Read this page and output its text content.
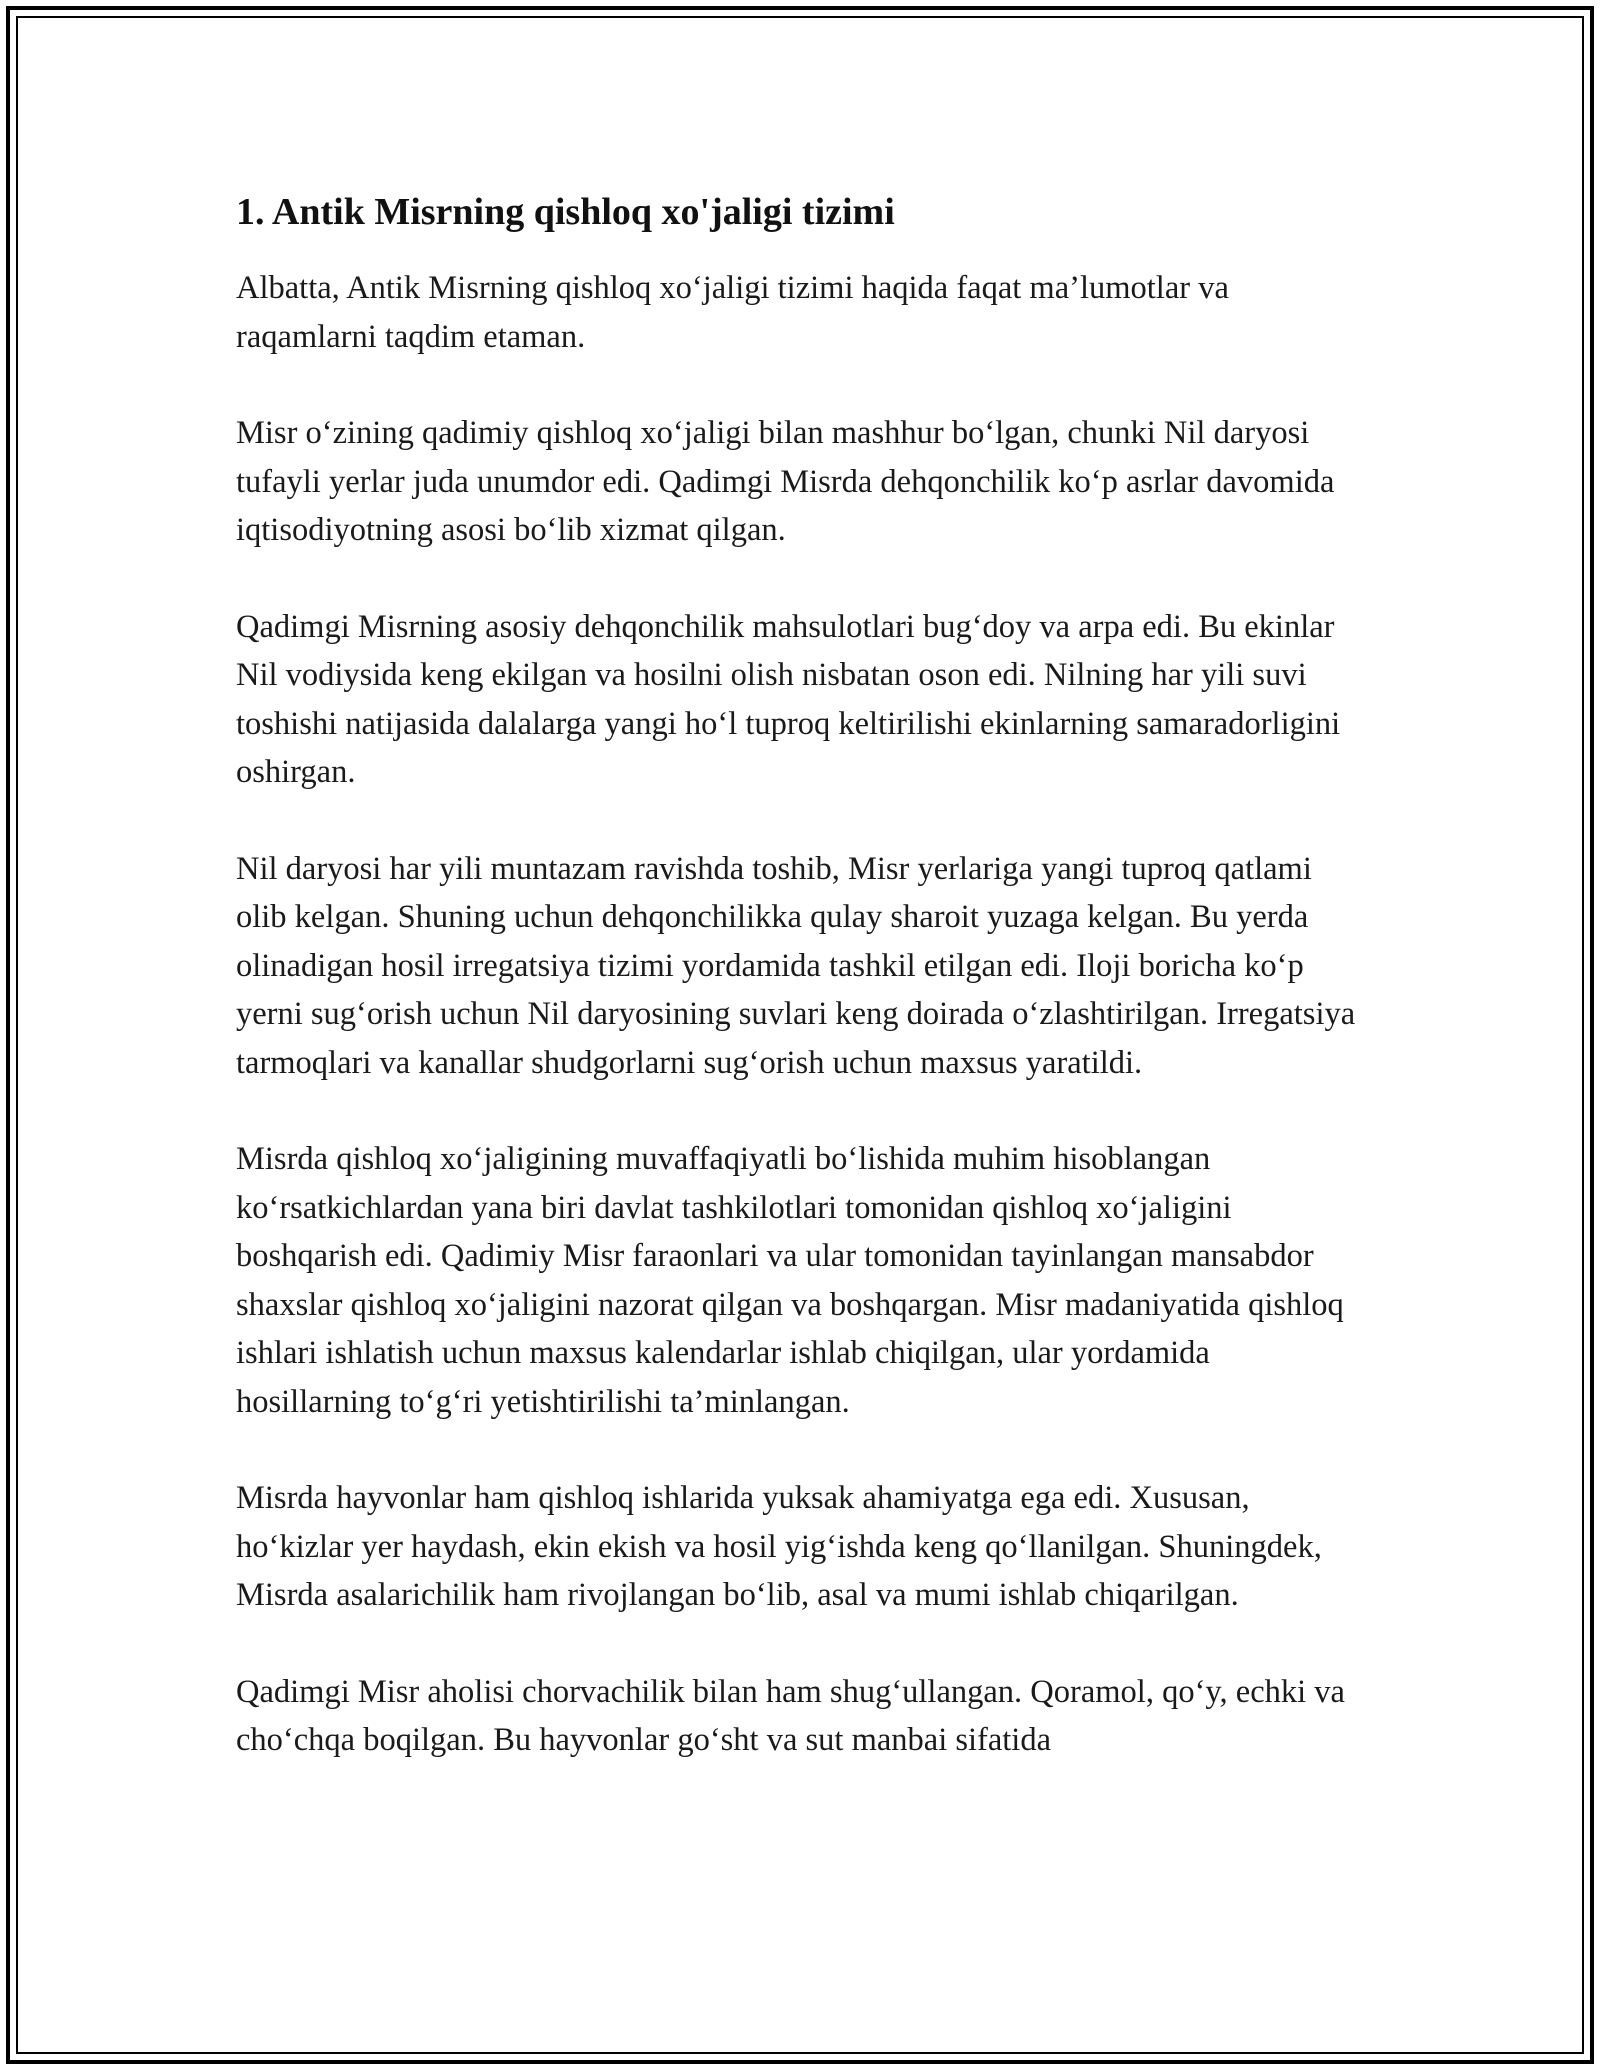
1. Antik Misrning qishloq xo'jaligi tizimi

Albatta, Antik Misrning qishloq xo‘jaligi tizimi haqida faqat ma’lumotlar va raqamlarni taqdim etaman.

Misr o‘zining qadimiy qishloq xo‘jaligi bilan mashhur bo‘lgan, chunki Nil daryosi tufayli yerlar juda unumdor edi. Qadimgi Misrda dehqonchilik ko‘p asrlar davomida iqtisodiyotning asosi bo‘lib xizmat qilgan.

Qadimgi Misrning asosiy dehqonchilik mahsulotlari bug‘doy va arpa edi. Bu ekinlar Nil vodiysida keng ekilgan va hosilni olish nisbatan oson edi. Nilning har yili suvi toshishi natijasida dalalarga yangi ho‘l tuproq keltirilishi ekinlarning samaradorligini oshirgan.

Nil daryosi har yili muntazam ravishda toshib, Misr yerlariga yangi tuproq qatlami olib kelgan. Shuning uchun dehqonchilikka qulay sharoit yuzaga kelgan. Bu yerda olinadigan hosil irregatsiya tizimi yordamida tashkil etilgan edi. Iloji boricha ko‘p yerni sug‘orish uchun Nil daryosining suvlari keng doirada o‘zlashtirilgan. Irregatsiya tarmoqlari va kanallar shudgorlarni sug‘orish uchun maxsus yaratildi.

Misrda qishloq xo‘jaligining muvaffaqiyatli bo‘lishida muhim hisoblangan ko‘rsatkichlardan yana biri davlat tashkilotlari tomonidan qishloq xo‘jaligini boshqarish edi. Qadimiy Misr faraonlari va ular tomonidan tayinlangan mansabdor shaxslar qishloq xo‘jaligini nazorat qilgan va boshqargan. Misr madaniyatida qishloq ishlari ishlatish uchun maxsus kalendarlar ishlab chiqilgan, ular yordamida hosillarning to‘g‘ri yetishtirilishi ta’minlangan.

Misrda hayvonlar ham qishloq ishlarida yuksak ahamiyatga ega edi. Xususan, ho‘kizlar yer haydash, ekin ekish va hosil yig‘ishda keng qo‘llanilgan. Shuningdek, Misrda asalarichilik ham rivojlangan bo‘lib, asal va mumi ishlab chiqarilgan.

Qadimgi Misr aholisi chorvachilik bilan ham shug‘ullangan. Qoramol, qo‘y, echki va cho‘chqa boqilgan. Bu hayvonlar go‘sht va sut manbai sifatida
